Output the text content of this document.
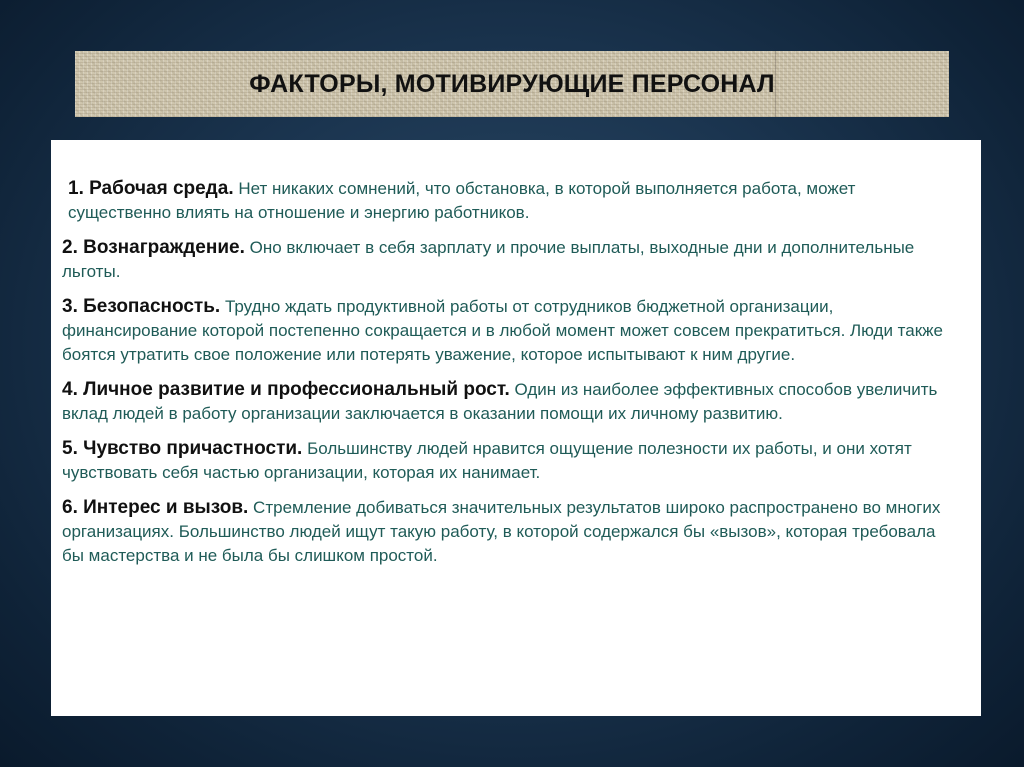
ФАКТОРЫ, МОТИВИРУЮЩИЕ ПЕРСОНАЛ

1. Рабочая среда. Нет никаких сомнений, что обстановка, в которой выполняется работа, может существенно влиять на отношение и энергию работников.

2. Вознаграждение. Оно включает в себя зарплату и прочие выплаты, выходные дни и дополнительные льготы.

3. Безопасность. Трудно ждать продуктивной работы от сотрудников бюджетной организации, финансирование которой постепенно сокращается и в любой момент может совсем прекратиться. Люди также боятся утратить свое положение или потерять уважение, которое испытывают к ним другие.

4. Личное развитие и профессиональный рост. Один из наиболее эффективных способов увеличить вклад людей в работу организации заключается в оказании помощи их личному развитию.

5. Чувство причастности. Большинству людей нравится ощущение полезности их работы, и они хотят чувствовать себя частью организации, которая их нанимает.

6. Интерес и вызов. Стремление добиваться значительных результатов широко распространено во многих организациях. Большинство людей ищут такую работу, в которой содержался бы «вызов», которая требовала бы мастерства и не была бы слишком простой.
